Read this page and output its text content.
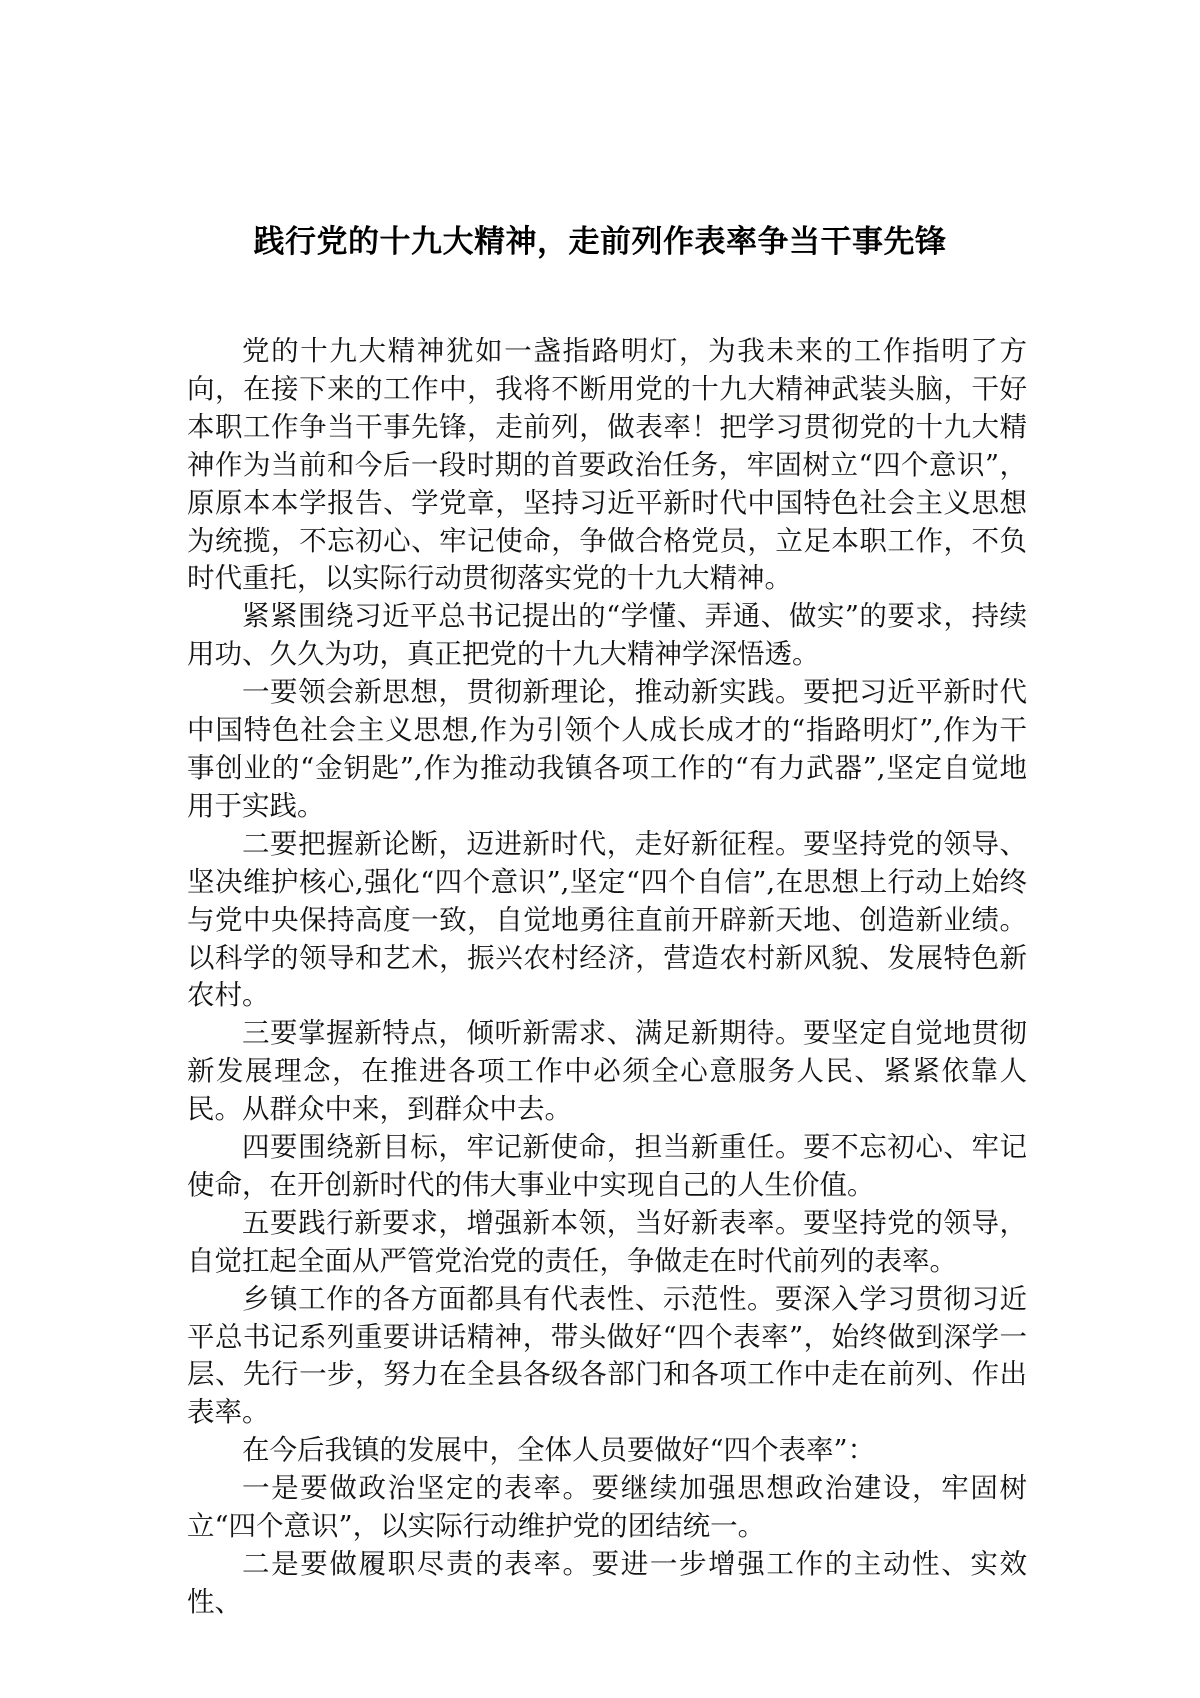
践行党的十九大精神，走前列作表率争当干事先锋

党的十九大精神犹如一盏指路明灯，为我未来的工作指明了方向，在接下来的工作中，我将不断用党的十九大精神武装头脑，干好本职工作争当干事先锋，走前列，做表率！把学习贯彻党的十九大精神作为当前和今后一段时期的首要政治任务，牢固树立“四个意识”，原原本本学报告、学党章，坚持习近平新时代中国特色社会主义思想为统揽，不忘初心、牢记使命，争做合格党员，立足本职工作，不负时代重托，以实际行动贯彻落实党的十九大精神。

紧紧围绕习近平总书记提出的“学懂、弄通、做实”的要求，持续用功、久久为功，真正把党的十九大精神学深悟透。

一要领会新思想，贯彻新理论，推动新实践。要把习近平新时代中国特色社会主义思想,作为引领个人成长成才的“指路明灯”,作为干事创业的“金钥匙”,作为推动我镇各项工作的“有力武器”,坚定自觉地用于实践。

二要把握新论断，迈进新时代，走好新征程。要坚持党的领导、坚决维护核心,强化“四个意识”,坚定“四个自信”,在思想上行动上始终与党中央保持高度一致，自觉地勇往直前开辟新天地、创造新业绩。以科学的领导和艺术，振兴农村经济，营造农村新风貌、发展特色新农村。

三要掌握新特点，倾听新需求、满足新期待。要坚定自觉地贯彻新发展理念，在推进各项工作中必须全心意服务人民、紧紧依靠人民。从群众中来，到群众中去。

四要围绕新目标，牢记新使命，担当新重任。要不忘初心、牢记使命，在开创新时代的伟大事业中实现自己的人生价值。

五要践行新要求，增强新本领，当好新表率。要坚持党的领导，自觉扛起全面从严管党治党的责任，争做走在时代前列的表率。

乡镇工作的各方面都具有代表性、示范性。要深入学习贯彻习近平总书记系列重要讲话精神，带头做好“四个表率”，始终做到深学一层、先行一步，努力在全县各级各部门和各项工作中走在前列、作出表率。

在今后我镇的发展中，全体人员要做好“四个表率”：

一是要做政治坚定的表率。要继续加强思想政治建设，牢固树立“四个意识”，以实际行动维护党的团结统一。

二是要做履职尽责的表率。要进一步增强工作的主动性、实效性、
